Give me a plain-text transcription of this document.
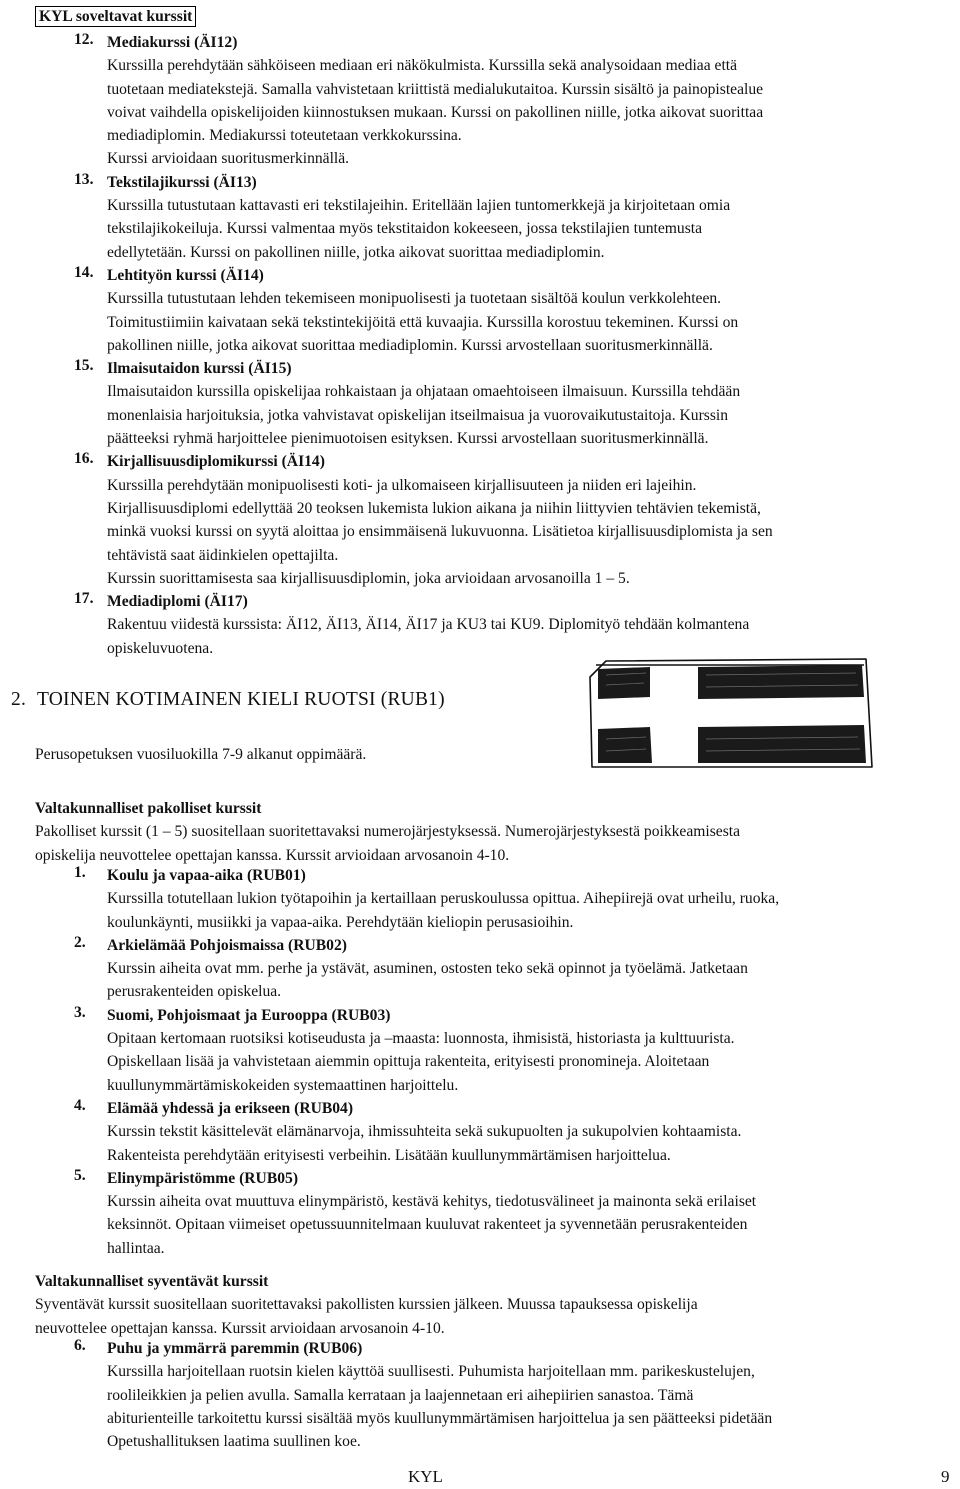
KYL soveltavat kurssit
12. Mediakurssi (ÄI12)

Kurssilla perehdytään sähköiseen mediaan eri näkökulmista. Kurssilla sekä analysoidaan mediaa että

tuotetaan mediatekstejä. Samalla vahvistetaan kriittistä medialukutaitoa. Kurssin sisältö ja painopistealue

voivat vaihdella opiskelijoiden kiinnostuksen mukaan. Kurssi on pakollinen niille, jotka aikovat suorittaa

mediadiplomin. Mediakurssi toteutetaan verkkokurssina.

Kurssi arvioidaan suoritusmerkinnällä.

13. Tekstilajikurssi (ÄI13)

Kurssilla tutustutaan kattavasti eri tekstilajeihin. Eritellään lajien tuntomerkkejä ja kirjoitetaan omia

tekstilajikokeiluja. Kurssi valmentaa myös tekstitaidon kokeeseen, jossa tekstilajien tuntemusta

edellytetään. Kurssi on pakollinen niille, jotka aikovat suorittaa mediadiplomin.

14. Lehtityön kurssi (ÄI14)

Kurssilla tutustutaan lehden tekemiseen monipuolisesti ja tuotetaan sisältöä koulun verkkolehteen.

Toimitustiimiin kaivataan sekä tekstintekijöitä että kuvaajia. Kurssilla korostuu tekeminen. Kurssi on

pakollinen niille, jotka aikovat suorittaa mediadiplomin. Kurssi arvostellaan suoritusmerkinnällä.

15. Ilmaisutaidon kurssi (ÄI15)

Ilmaisutaidon kurssilla opiskelijaa rohkaistaan ja ohjataan omaehtoiseen ilmaisuun. Kurssilla tehdään

monenlaisia harjoituksia, jotka vahvistavat opiskelijan itseilmaisua ja vuorovaikutustaitoja. Kurssin

päätteeksi ryhmä harjoittelee pienimuotoisen esityksen. Kurssi arvostellaan suoritusmerkinnällä.

16. Kirjallisuusdiplomikurssi (ÄI14)

Kurssilla perehdytään monipuolisesti koti- ja ulkomaiseen kirjallisuuteen ja niiden eri lajeihin.

Kirjallisuusdiplomi edellyttää 20 teoksen lukemista lukion aikana ja niihin liittyvien tehtävien tekemistä,

minkä vuoksi kurssi on syytä aloittaa jo ensimmäisenä lukuvuonna. Lisätietoa kirjallisuusdiplomista ja sen

tehtävistä saat äidinkielen opettajilta.

Kurssin suorittamisesta saa kirjallisuusdiplomin, joka arvioidaan arvosanoilla 1 – 5.

17. Mediadiplomi (ÄI17)

Rakentuu viidestä kurssista: ÄI12, ÄI13, ÄI14, ÄI17 ja KU3 tai KU9. Diplomityö tehdään kolmantena

opiskeluvuotena.

2. TOINEN KOTIMAINEN KIELI RUOTSI (RUB1)

Perusopetuksen vuosiluokilla 7-9 alkanut oppimäärä.

Valtakunnalliset pakolliset kurssit

Pakolliset kurssit (1 – 5) suositellaan suoritettavaksi numerojärjestyksessä. Numerojärjestyksestä poikkeamisesta

opiskelija neuvottelee opettajan kanssa. Kurssit arvioidaan arvosanoin 4-10.

1. Koulu ja vapaa-aika (RUB01)

Kurssilla totutellaan lukion työtapoihin ja kertaillaan peruskoulussa opittua. Aihepiirejä ovat urheilu, ruoka,

koulunkäynti, musiikki ja vapaa-aika. Perehdytään kieliopin perusasioihin.

2. Arkielämää Pohjoismaissa (RUB02)

Kurssin aiheita ovat mm. perhe ja ystävät, asuminen, ostosten teko sekä opinnot ja työelämä. Jatketaan

perusrakenteiden opiskelua.

3. Suomi, Pohjoismaat ja Eurooppa (RUB03)

Opitaan kertomaan ruotsiksi kotiseudusta ja –maasta: luonnosta, ihmisistä, historiasta ja kulttuurista.

Opiskellaan lisää ja vahvistetaan aiemmin opittuja rakenteita, erityisesti pronomineja. Aloitetaan

kuullunymmärtämiskokeiden systemaattinen harjoittelu.

4. Elämää yhdessä ja erikseen (RUB04)

Kurssin tekstit käsittelevät elämänarvoja, ihmissuhteita sekä sukupuolten ja sukupolvien kohtaamista.

Rakenteista perehdytään erityisesti verbeihin. Lisätään kuullunymmärtämisen harjoittelua.

5. Elinympäristömme (RUB05)

Kurssin aiheita ovat muuttuva elinympäristö, kestävä kehitys, tiedotusvälineet ja mainonta sekä erilaiset

keksinnöt. Opitaan viimeiset opetussuunnitelmaan kuuluvat rakenteet ja syvennetään perusrakenteiden

hallintaa.

Valtakunnalliset syventävät kurssit

Syventävät kurssit suositellaan suoritettavaksi pakollisten kurssien jälkeen. Muussa tapauksessa opiskelija

neuvottelee opettajan kanssa. Kurssit arvioidaan arvosanoin 4-10.

6. Puhu ja ymmärrä paremmin (RUB06)

Kurssilla harjoitellaan ruotsin kielen käyttöä suullisesti. Puhumista harjoitellaan mm. parikeskustelujen,

roolileikkien ja pelien avulla. Samalla kerrataan ja laajennetaan eri aihepiirien sanastoa. Tämä

abiturienteille tarkoitettu kurssi sisältää myös kuullunymmärtämisen harjoittelua ja sen päätteeksi pidetään

Opetushallituksen laatima suullinen koe.

KYL	9
